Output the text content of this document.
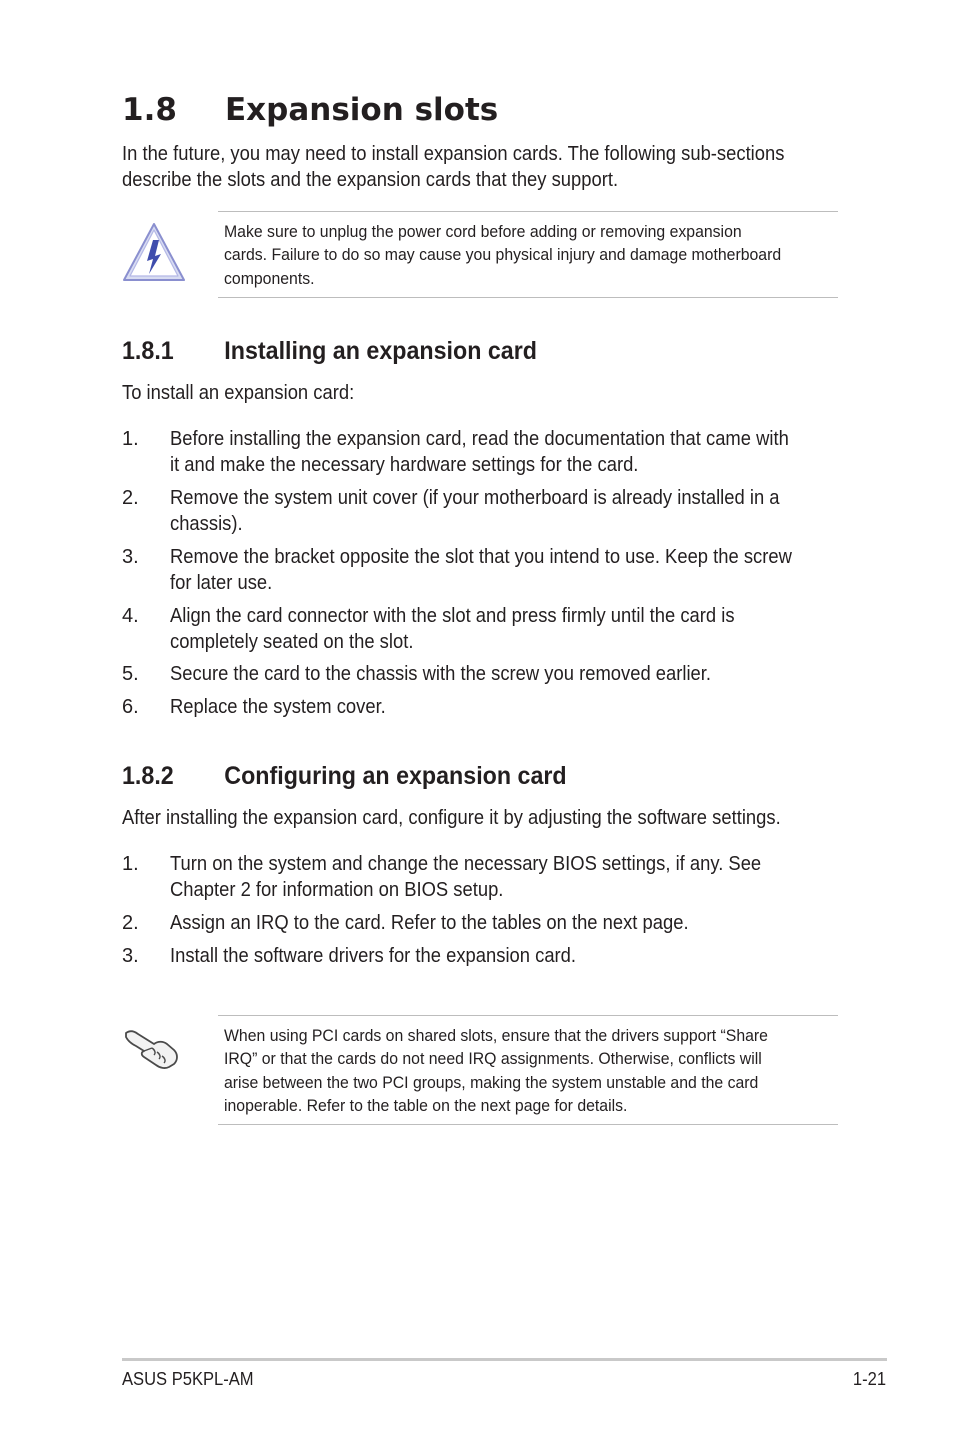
1.8 Expansion slots
In the future, you may need to install expansion cards. The following sub-sections
describe the slots and the expansion cards that they support.
Make sure to unplug the power cord before adding or removing expansion
cards. Failure to do so may cause you physical injury and damage motherboard
components.
1.8.1 Installing an expansion card
To install an expansion card:
1. Before installing the expansion card, read the documentation that came with
it and make the necessary hardware settings for the card.
2. Remove the system unit cover (if your motherboard is already installed in a
chassis).
3. Remove the bracket opposite the slot that you intend to use. Keep the screw
for later use.
4. Align the card connector with the slot and press firmly until the card is
completely seated on the slot.
5. Secure the card to the chassis with the screw you removed earlier.
6. Replace the system cover.
1.8.2 Configuring an expansion card
After installing the expansion card, configure it by adjusting the software settings.
1. Turn on the system and change the necessary BIOS settings, if any. See
Chapter 2 for information on BIOS setup.
2. Assign an IRQ to the card. Refer to the tables on the next page.
3. Install the software drivers for the expansion card.
When using PCI cards on shared slots, ensure that the drivers support “Share
IRQ” or that the cards do not need IRQ assignments. Otherwise, conflicts will
arise between the two PCI groups, making the system unstable and the card
inoperable. Refer to the table on the next page for details.
ASUS P5KPL-AM	1-21
